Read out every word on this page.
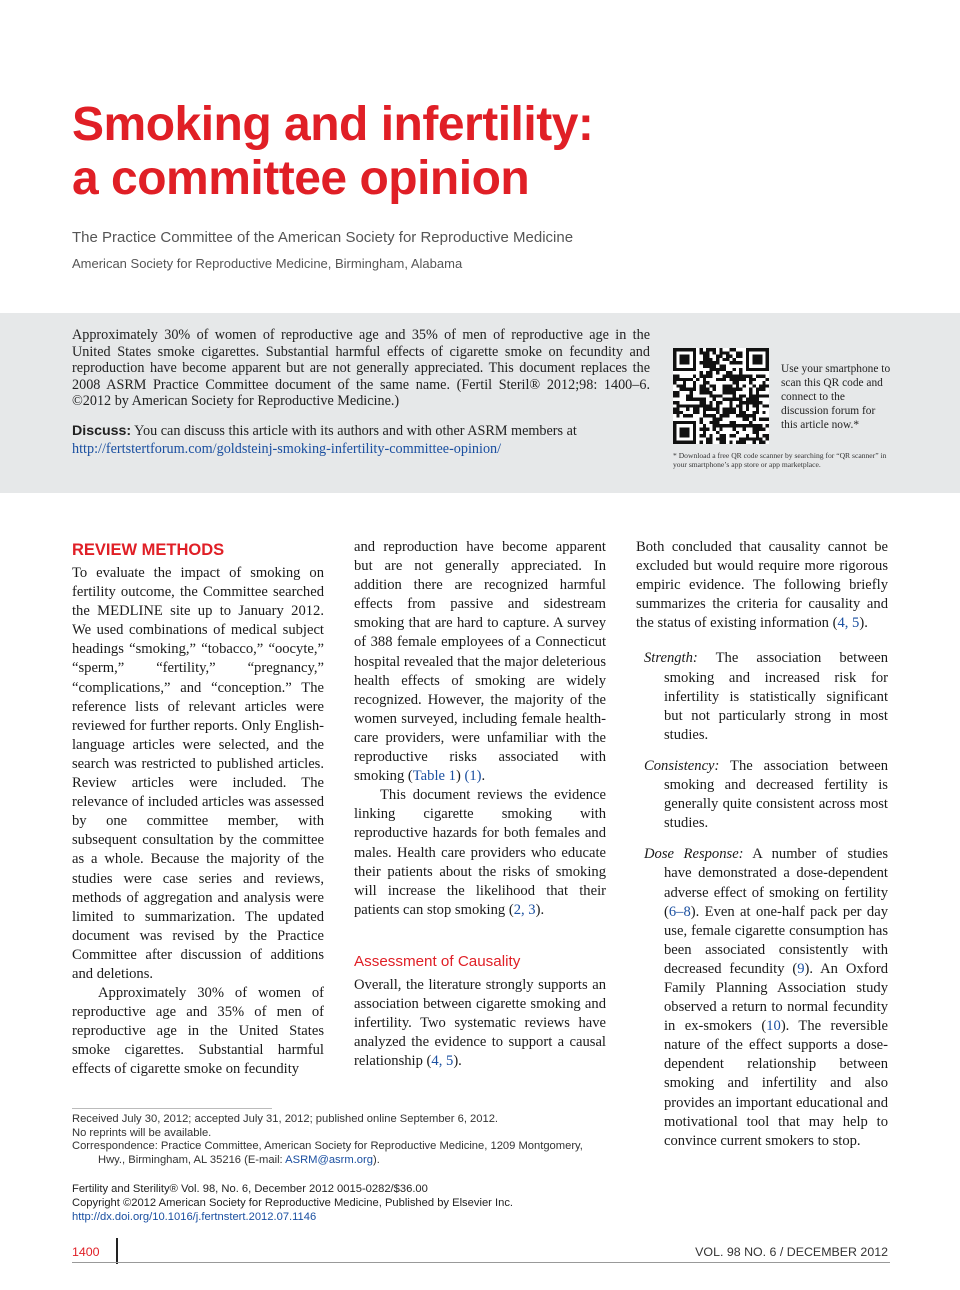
Smoking and infertility:
a committee opinion
The Practice Committee of the American Society for Reproductive Medicine
American Society for Reproductive Medicine, Birmingham, Alabama
Approximately 30% of women of reproductive age and 35% of men of reproductive age in the United States smoke cigarettes. Substantial harmful effects of cigarette smoke on fecundity and reproduction have become apparent but are not generally appreciated. This document replaces the 2008 ASRM Practice Committee document of the same name. (Fertil Steril® 2012;98: 1400–6. ©2012 by American Society for Reproductive Medicine.)
Discuss: You can discuss this article with its authors and with other ASRM members at http://fertstertforum.com/goldsteinj-smoking-infertility-committee-opinion/
Use your smartphone to scan this QR code and connect to the discussion forum for this article now.*
* Download a free QR code scanner by searching for “QR scanner” in your smartphone’s app store or app marketplace.
REVIEW METHODS

To evaluate the impact of smoking on fertility outcome, the Committee searched the MEDLINE site up to January 2012. We used combinations of medical subject headings “smoking,” “tobacco,” “oocyte,” “sperm,” “fertility,” “pregnancy,” “complications,” and “conception.” The reference lists of relevant articles were reviewed for further reports. Only English-language articles were selected, and the search was restricted to published articles. Review articles were included. The relevance of included articles was assessed by one committee member, with subsequent consultation by the committee as a whole. Because the majority of the studies were case series and reviews, methods of aggregation and analysis were limited to summarization. The updated document was revised by the Practice Committee after discussion of additions and deletions.

Approximately 30% of women of reproductive age and 35% of men of reproductive age in the United States smoke cigarettes. Substantial harmful effects of cigarette smoke on fecundity

and reproduction have become apparent but are not generally appreciated. In addition there are recognized harmful effects from passive and sidestream smoking that are hard to capture. A survey of 388 female employees of a Connecticut hospital revealed that the major deleterious health effects of smoking are widely recognized. However, the majority of the women surveyed, including female health-care providers, were unfamiliar with the reproductive risks associated with smoking (Table 1) (1).

This document reviews the evidence linking cigarette smoking with reproductive hazards for both females and males. Health care providers who educate their patients about the risks of smoking will increase the likelihood that their patients can stop smoking (2, 3).

Assessment of Causality

Overall, the literature strongly supports an association between cigarette smoking and infertility. Two systematic reviews have analyzed the evidence to support a causal relationship (4, 5).

Both concluded that causality cannot be excluded but would require more rigorous empiric evidence. The following briefly summarizes the criteria for causality and the status of existing information (4, 5).

Strength: The association between smoking and increased risk for infertility is statistically significant but not particularly strong in most studies.

Consistency: The association between smoking and decreased fertility is generally quite consistent across most studies.

Dose Response: A number of studies have demonstrated a dose-dependent adverse effect of smoking on fertility (6–8). Even at one-half pack per day use, female cigarette consumption has been associated consistently with decreased fecundity (9). An Oxford Family Planning Association study observed a return to normal fecundity in ex-smokers (10). The reversible nature of the effect supports a dose-dependent relationship between smoking and infertility and also provides an important educational and motivational tool that may help to convince current smokers to stop.

Received July 30, 2012; accepted July 31, 2012; published online September 6, 2012.
No reprints will be available.
Correspondence: Practice Committee, American Society for Reproductive Medicine, 1209 Montgomery, Hwy., Birmingham, AL 35216 (E-mail: ASRM@asrm.org).
Fertility and Sterility® Vol. 98, No. 6, December 2012 0015-0282/$36.00
Copyright ©2012 American Society for Reproductive Medicine, Published by Elsevier Inc.
http://dx.doi.org/10.1016/j.fertnstert.2012.07.1146
1400	VOL. 98 NO. 6 / DECEMBER 2012
